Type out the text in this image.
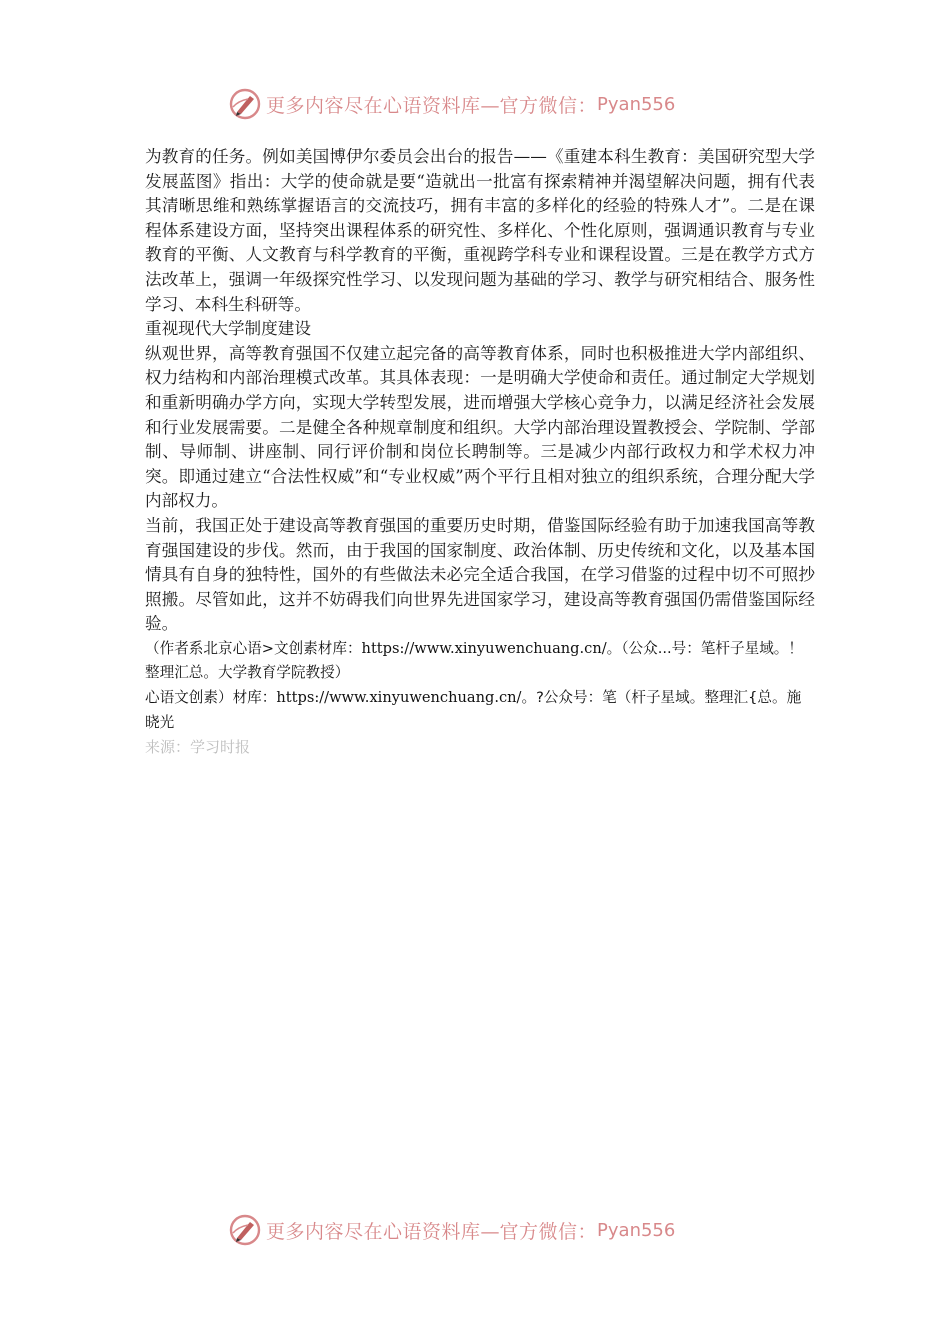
更多内容尽在心语资料库—官方微信： Pyan556

为教育的任务。例如美国博伊尔委员会出台的报告——《重建本科生教育：美国研究型大学发展蓝图》指出：大学的使命就是要“造就出一批富有探索精神并渴望解决问题，拥有代表其清晰思维和熟练掌握语言的交流技巧，拥有丰富的多样化的经验的特殊人才”。二是在课程体系建设方面，坚持突出课程体系的研究性、多样化、个性化原则，强调通识教育与专业教育的平衡、人文教育与科学教育的平衡，重视跨学科专业和课程设置。三是在教学方式方法改革上，强调一年级探究性学习、以发现问题为基础的学习、教学与研究相结合、服务性学习、本科生科研等。

重视现代大学制度建设

纵观世界，高等教育强国不仅建立起完备的高等教育体系，同时也积极推进大学内部组织、权力结构和内部治理模式改革。其具体表现：一是明确大学使命和责任。通过制定大学规划和重新明确办学方向，实现大学转型发展，进而增强大学核心竞争力，以满足经济社会发展和行业发展需要。二是健全各种规章制度和组织。大学内部治理设置教授会、学院制、学部制、导师制、讲座制、同行评价制和岗位长聘制等。三是减少内部行政权力和学术权力冲突。即通过建立“合法性权威”和“专业权威”两个平行且相对独立的组织系统，合理分配大学内部权力。

当前，我国正处于建设高等教育强国的重要历史时期，借鉴国际经验有助于加速我国高等教育强国建设的步伐。然而，由于我国的国家制度、政治体制、历史传统和文化，以及基本国情具有自身的独特性，国外的有些做法未必完全适合我国，在学习借鉴的过程中切不可照抄照搬。尽管如此，这并不妨碍我们向世界先进国家学习，建设高等教育强国仍需借鉴国际经验。

（作者系北京心语>文创素材库：https://www.xinyuwenchuang.cn/。（公众...号：笔杆子星域。！ 整理汇总。大学教育学院教授）

心语文创素）材库：https://www.xinyuwenchuang.cn/。?公众号：笔（杆子星域。整理汇{总。施晓光

来源：学习时报

更多内容尽在心语资料库—官方微信： Pyan556
